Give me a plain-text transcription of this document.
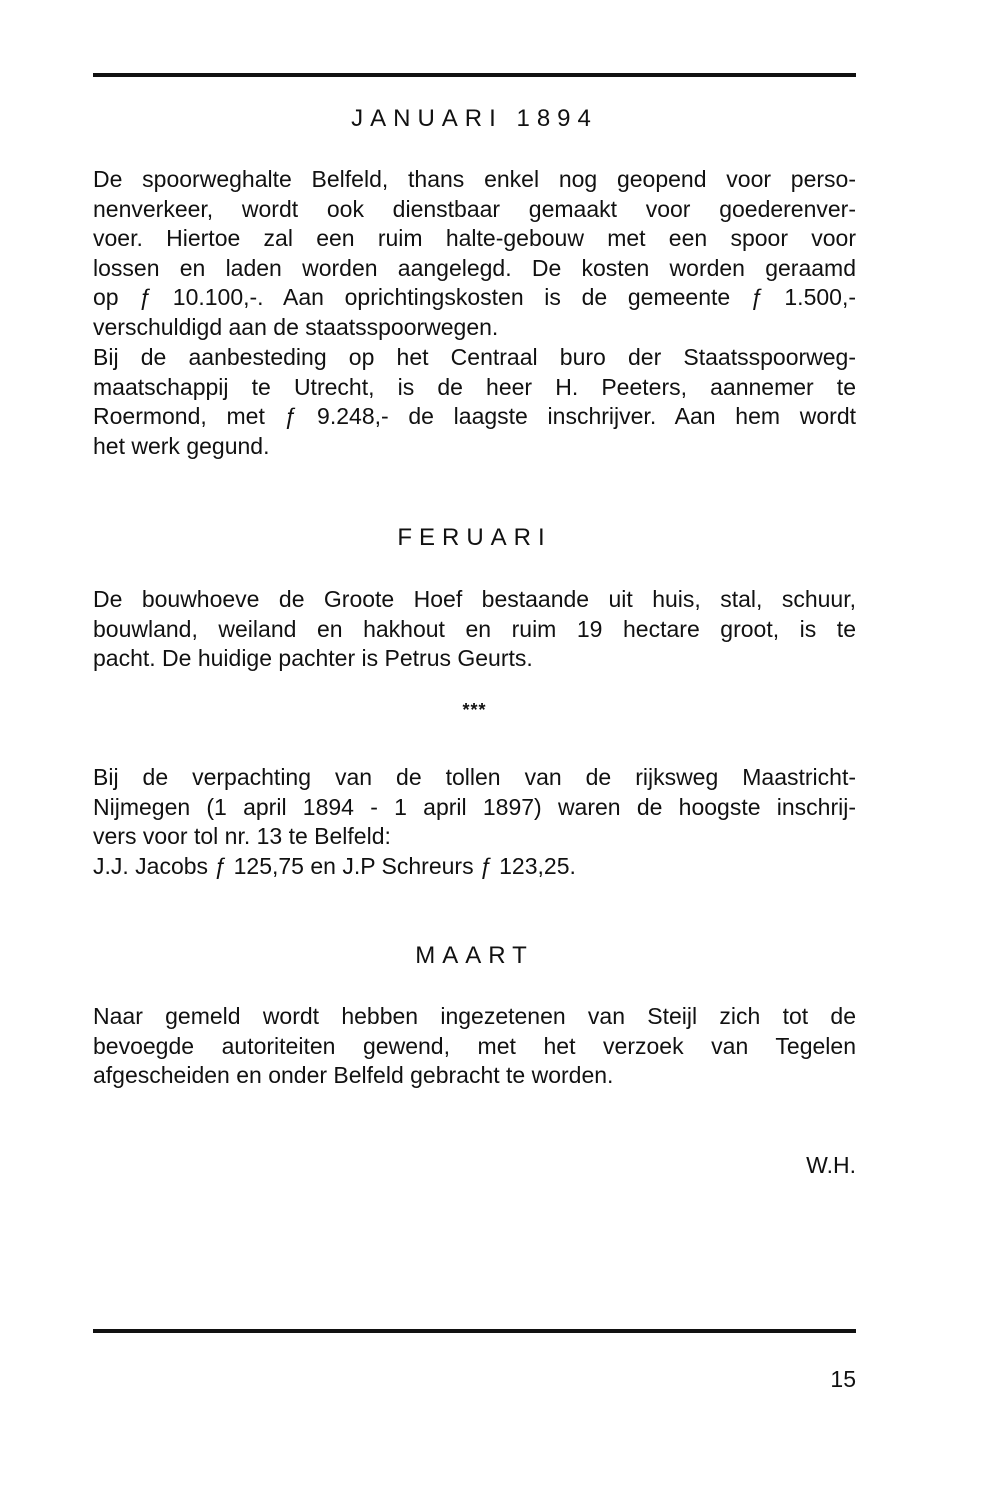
JANUARI 1894
De spoorweghalte Belfeld, thans enkel nog geopend voor perso-
nenverkeer, wordt ook dienstbaar gemaakt voor goederenver-
voer. Hiertoe zal een ruim halte-gebouw met een spoor voor
lossen en laden worden aangelegd. De kosten worden geraamd
op ƒ 10.100,-. Aan oprichtingskosten is de gemeente ƒ 1.500,-
verschuldigd aan de staatsspoorwegen.
Bij de aanbesteding op het Centraal buro der Staatsspoorweg-
maatschappij te Utrecht, is de heer H. Peeters, aannemer te
Roermond, met ƒ 9.248,- de laagste inschrijver. Aan hem wordt
het werk gegund.
FERUARI
De bouwhoeve de Groote Hoef bestaande uit huis, stal, schuur,
bouwland, weiland en hakhout en ruim 19 hectare groot, is te
pacht. De huidige pachter is Petrus Geurts.
***
Bij de verpachting van de tollen van de rijksweg Maastricht-
Nijmegen (1 april 1894 - 1 april 1897) waren de hoogste inschrij-
vers voor tol nr. 13 te Belfeld:
J.J. Jacobs ƒ 125,75 en J.P Schreurs ƒ 123,25.
MAART
Naar gemeld wordt hebben ingezetenen van Steijl zich tot de
bevoegde autoriteiten gewend, met het verzoek van Tegelen
afgescheiden en onder Belfeld gebracht te worden.
W.H.
15
